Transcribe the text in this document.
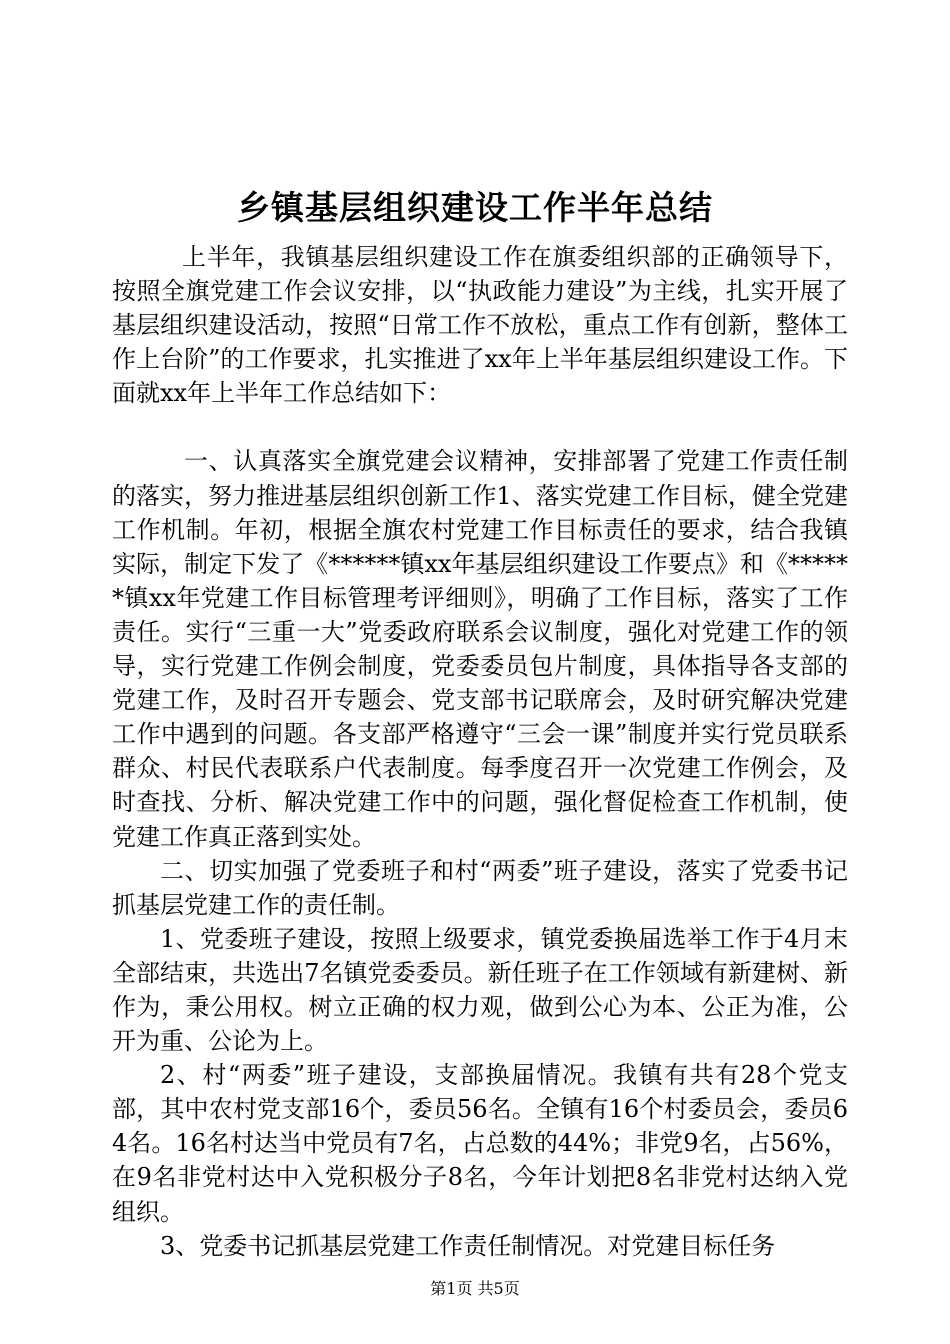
乡镇基层组织建设工作半年总结

上半年，我镇基层组织建设工作在旗委组织部的正确领导下，按照全旗党建工作会议安排，以“执政能力建设”为主线，扎实开展了基层组织建设活动，按照“日常工作不放松，重点工作有创新，整体工作上台阶”的工作要求，扎实推进了xx年上半年基层组织建设工作。下面就xx年上半年工作总结如下：

一、认真落实全旗党建会议精神，安排部署了党建工作责任制的落实，努力推进基层组织创新工作1、落实党建工作目标，健全党建工作机制。年初，根据全旗农村党建工作目标责任的要求，结合我镇实际，制定下发了《******镇xx年基层组织建设工作要点》和《******镇xx年党建工作目标管理考评细则》，明确了工作目标，落实了工作责任。实行“三重一大”党委政府联系会议制度，强化对党建工作的领导，实行党建工作例会制度，党委委员包片制度，具体指导各支部的党建工作，及时召开专题会、党支部书记联席会，及时研究解决党建工作中遇到的问题。各支部严格遵守“三会一课”制度并实行党员联系群众、村民代表联系户代表制度。每季度召开一次党建工作例会，及时查找、分析、解决党建工作中的问题，强化督促检查工作机制，使党建工作真正落到实处。

二、切实加强了党委班子和村“两委”班子建设，落实了党委书记抓基层党建工作的责任制。

1、党委班子建设，按照上级要求，镇党委换届选举工作于4月末全部结束，共选出7名镇党委委员。新任班子在工作领域有新建树、新作为，秉公用权。树立正确的权力观，做到公心为本、公正为准，公开为重、公论为上。

2、村“两委”班子建设，支部换届情况。我镇有共有28个党支部，其中农村党支部16个，委员56名。全镇有16个村委员会，委员64名。16名村达当中党员有7名，占总数的44%；非党9名，占56%，在9名非党村达中入党积极分子8名，今年计划把8名非党村达纳入党组织。

3、党委书记抓基层党建工作责任制情况。对党建目标任务

第1页 共5页
